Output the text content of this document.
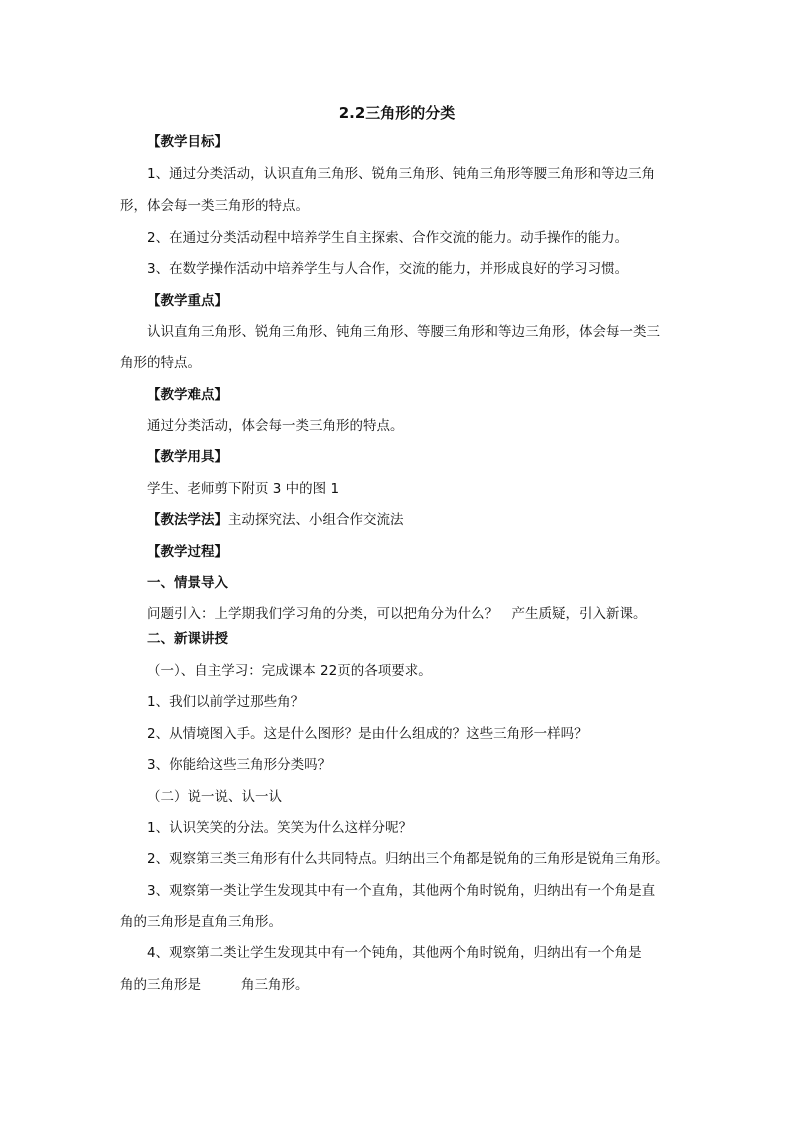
2.2三角形的分类
【教学目标】
1、通过分类活动，认识直角三角形、锐角三角形、钝角三角形等腰三角形和等边三角
形，体会每一类三角形的特点。
2、在通过分类活动程中培养学生自主探索、合作交流的能力。动手操作的能力。
3、在数学操作活动中培养学生与人合作，交流的能力，并形成良好的学习习惯。
【教学重点】
认识直角三角形、锐角三角形、钝角三角形、等腰三角形和等边三角形，体会每一类三
角形的特点。
【教学难点】
通过分类活动，体会每一类三角形的特点。
【教学用具】
学生、老师剪下附页 3 中的图 1
【教法学法】主动探究法、小组合作交流法
【教学过程】
一、情景导入
问题引入：上学期我们学习角的分类，可以把角分为什么？　产生质疑，引入新课。
二、新课讲授
（一）、自主学习：完成课本 22页的各项要求。
1、我们以前学过那些角？
2、从情境图入手。这是什么图形？是由什么组成的？这些三角形一样吗？
3、你能给这些三角形分类吗？
（二）说一说、认一认
1、认识笑笑的分法。笑笑为什么这样分呢？
2、观察第三类三角形有什么共同特点。归纳出三个角都是锐角的三角形是锐角三角形。
3、观察第一类让学生发现其中有一个直角，其他两个角时锐角，归纳出有一个角是直
角的三角形是直角三角形。
4、观察第二类让学生发现其中有一个钝角，其他两个角时锐角，归纳出有一个角是
角的三角形是	角三角形。
